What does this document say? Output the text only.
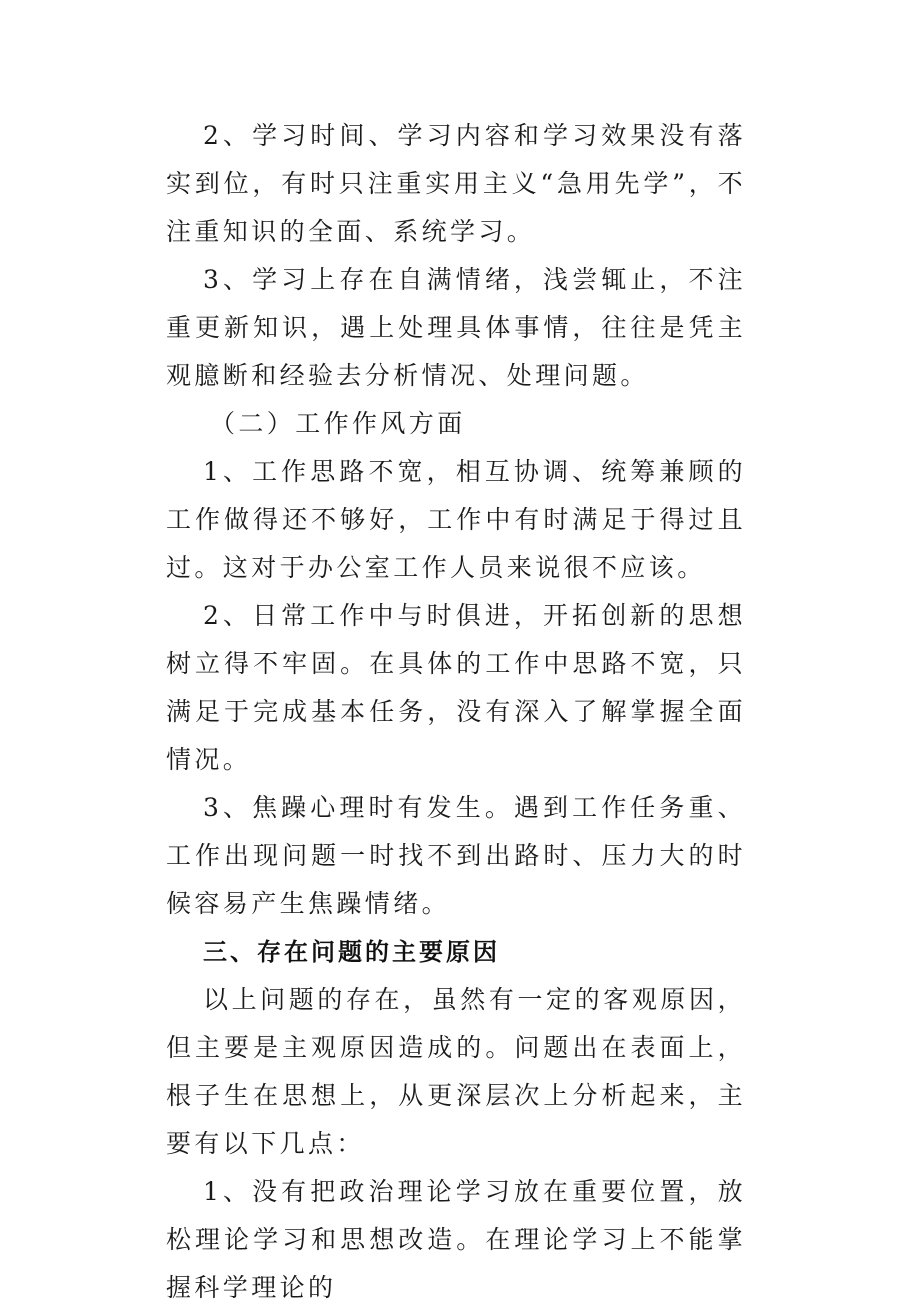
2、学习时间、学习内容和学习效果没有落实到位，有时只注重实用主义“急用先学”，不注重知识的全面、系统学习。

3、学习上存在自满情绪，浅尝辄止，不注重更新知识，遇上处理具体事情，往往是凭主观臆断和经验去分析情况、处理问题。

（二）工作作风方面

1、工作思路不宽，相互协调、统筹兼顾的工作做得还不够好，工作中有时满足于得过且过。这对于办公室工作人员来说很不应该。

2、日常工作中与时俱进，开拓创新的思想树立得不牢固。在具体的工作中思路不宽，只满足于完成基本任务，没有深入了解掌握全面情况。

3、焦躁心理时有发生。遇到工作任务重、工作出现问题一时找不到出路时、压力大的时候容易产生焦躁情绪。

三、存在问题的主要原因

以上问题的存在，虽然有一定的客观原因，但主要是主观原因造成的。问题出在表面上，根子生在思想上，从更深层次上分析起来，主要有以下几点：

1、没有把政治理论学习放在重要位置，放松理论学习和思想改造。在理论学习上不能掌握科学理论的
